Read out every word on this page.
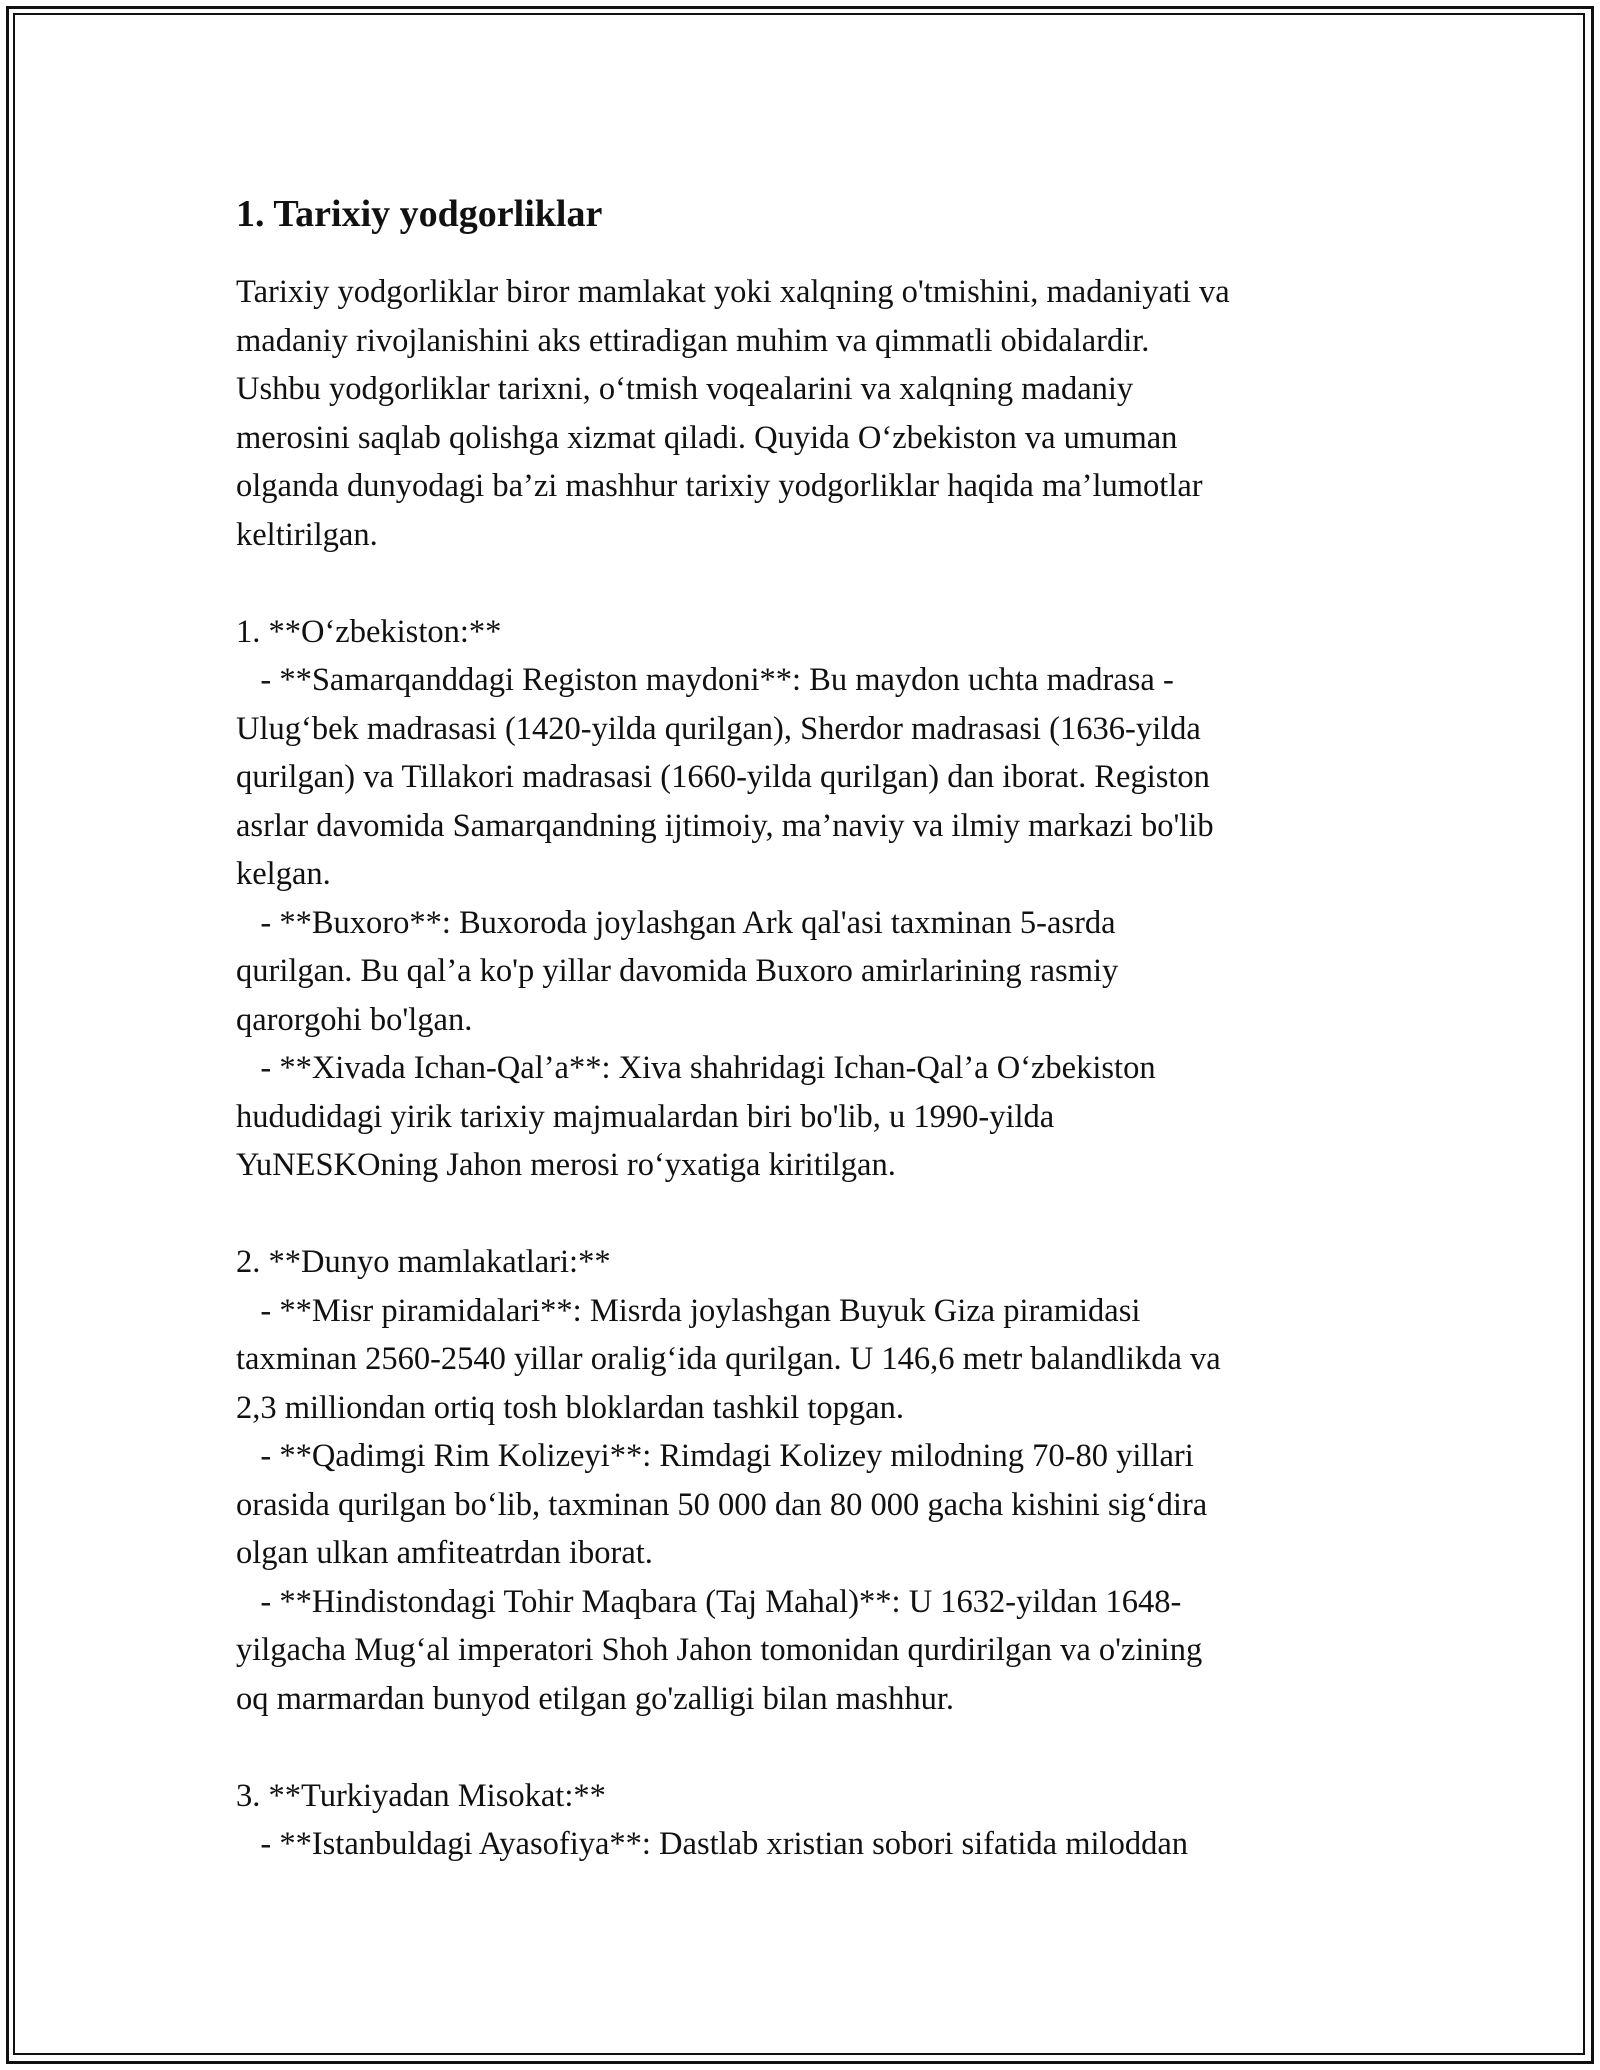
1. Tarixiy yodgorliklar
Tarixiy yodgorliklar biror mamlakat yoki xalqning o'tmishini, madaniyati va
madaniy rivojlanishini aks ettiradigan muhim va qimmatli obidalardir.
Ushbu yodgorliklar tarixni, o‘tmish voqealarini va xalqning madaniy
merosini saqlab qolishga xizmat qiladi. Quyida O‘zbekiston va umuman
olganda dunyodagi ba’zi mashhur tarixiy yodgorliklar haqida ma’lumotlar
keltirilgan.
1. **O‘zbekiston:**
- **Samarqanddagi Registon maydoni**: Bu maydon uchta madrasa -
Ulug‘bek madrasasi (1420-yilda qurilgan), Sherdor madrasasi (1636-yilda
qurilgan) va Tillakori madrasasi (1660-yilda qurilgan) dan iborat. Registon
asrlar davomida Samarqandning ijtimoiy, ma’naviy va ilmiy markazi bo'lib
kelgan.
- **Buxoro**: Buxoroda joylashgan Ark qal'asi taxminan 5-asrda
qurilgan. Bu qal’a ko'p yillar davomida Buxoro amirlarining rasmiy
qarorgohi bo'lgan.
- **Xivada Ichan-Qal’a**: Xiva shahridagi Ichan-Qal’a O‘zbekiston
hududidagi yirik tarixiy majmualardan biri bo'lib, u 1990-yilda
YuNESKOning Jahon merosi ro‘yxatiga kiritilgan.
2. **Dunyo mamlakatlari:**
- **Misr piramidalari**: Misrda joylashgan Buyuk Giza piramidasi
taxminan 2560-2540 yillar oralig‘ida qurilgan. U 146,6 metr balandlikda va
2,3 milliondan ortiq tosh bloklardan tashkil topgan.
- **Qadimgi Rim Kolizeyi**: Rimdagi Kolizey milodning 70-80 yillari
orasida qurilgan bo‘lib, taxminan 50 000 dan 80 000 gacha kishini sig‘dira
olgan ulkan amfiteatrdan iborat.
- **Hindistondagi Tohir Maqbara (Taj Mahal)**: U 1632-yildan 1648-
yilgacha Mug‘al imperatori Shoh Jahon tomonidan qurdirilgan va o'zining
oq marmardan bunyod etilgan go'zalligi bilan mashhur.
3. **Turkiyadan Misokat:**
- **Istanbuldagi Ayasofiya**: Dastlab xristian sobori sifatida miloddan
